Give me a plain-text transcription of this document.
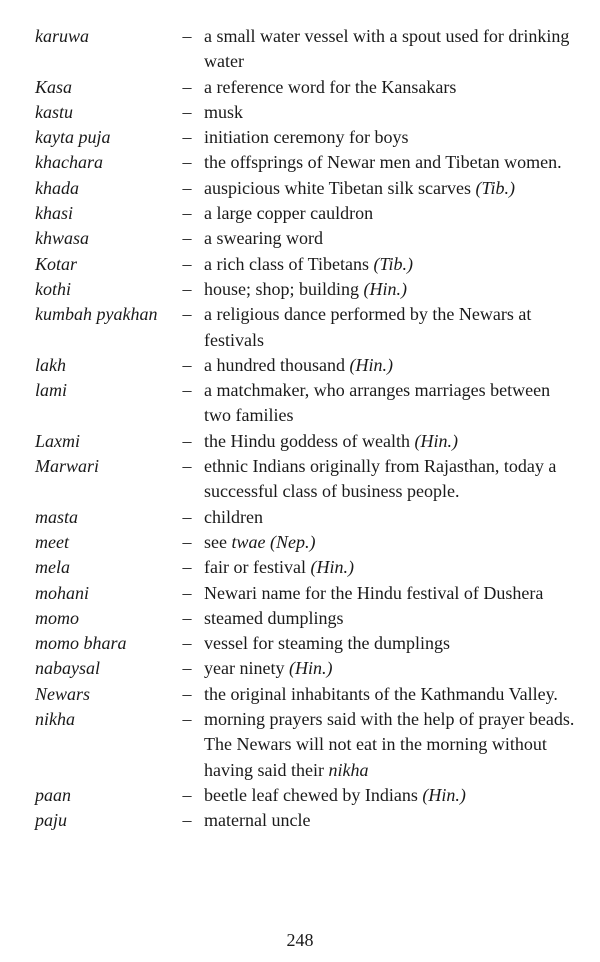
karuwa	– a small water vessel with a spout used for drinking water
Kasa	– a reference word for the Kansakars
kastu	– musk
kayta puja	– initiation ceremony for boys
khachara	– the offsprings of Newar men and Tibetan women.
khada	– auspicious white Tibetan silk scarves (Tib.)
khasi	– a large copper cauldron
khwasa	– a swearing word
Kotar	– a rich class of Tibetans (Tib.)
kothi	– house; shop; building (Hin.)
kumbah pyakhan	– a religious dance performed by the Newars at festivals
lakh	– a hundred thousand (Hin.)
lami	– a matchmaker, who arranges marriages between two families
Laxmi	– the Hindu goddess of wealth (Hin.)
Marwari	– ethnic Indians originally from Rajasthan, today a successful class of business people.
masta	– children
meet	– see twae (Nep.)
mela	– fair or festival (Hin.)
mohani	– Newari name for the Hindu festival of Dushera
momo	– steamed dumplings
momo bhara	– vessel for steaming the dumplings
nabaysal	– year ninety (Hin.)
Newars	– the original inhabitants of the Kathmandu Valley.
nikha	– morning prayers said with the help of prayer beads. The Newars will not eat in the morning without having said their nikha
paan	– beetle leaf chewed by Indians (Hin.)
paju	– maternal uncle
248
